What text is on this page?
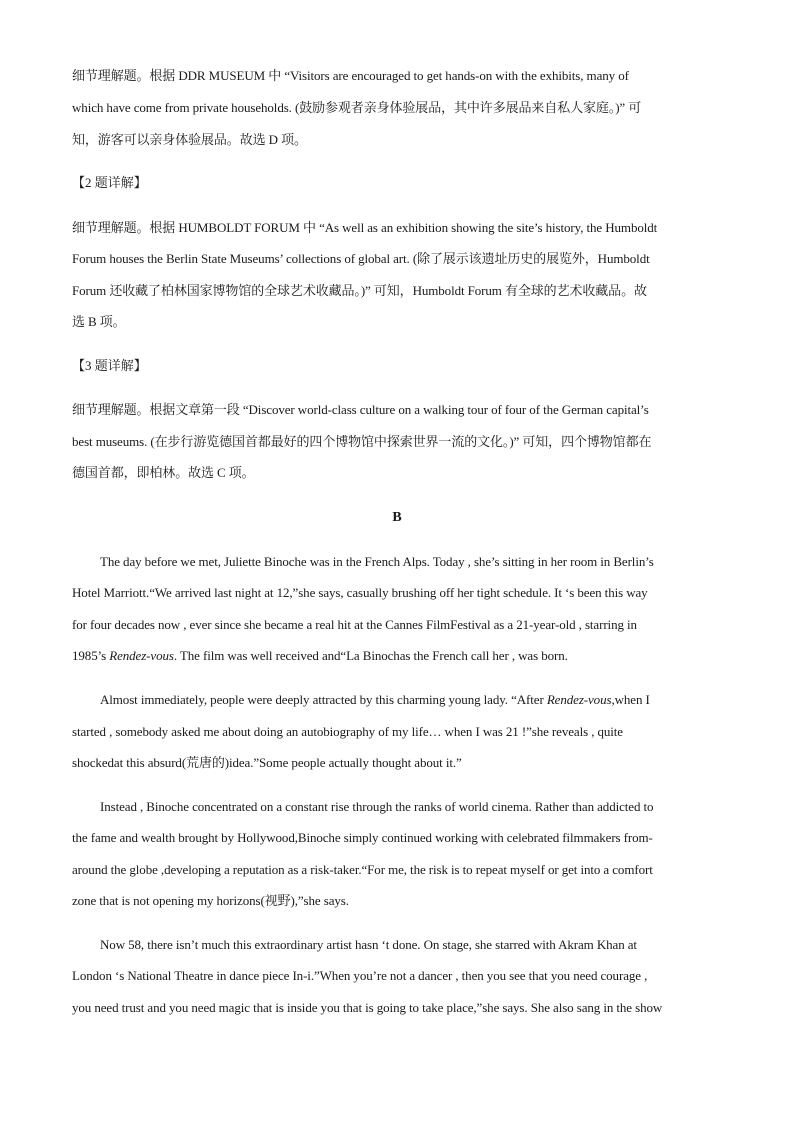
细节理解题。根据 DDR MUSEUM 中 “Visitors are encouraged to get hands-on with the exhibits, many of
which have come from private households. (鼓励参观者亲身体验展品，其中许多展品来自私人家庭。)” 可
知，游客可以亲身体验展品。故选 D 项。
【2 题详解】
细节理解题。根据 HUMBOLDT FORUM 中 “As well as an exhibition showing the site’s history, the Humboldt
Forum houses the Berlin State Museums’ collections of global art. (除了展示该遗址历史的展览外，Humboldt
Forum 还收藏了柏林国家博物馆的全球艺术收藏品。)” 可知，Humboldt Forum 有全球的艺术收藏品。故
选 B 项。
【3 题详解】
细节理解题。根据文章第一段 “Discover world-class culture on a walking tour of four of the German capital’s
best museums. (在步行游览德国首都最好的四个博物馆中探索世界一流的文化。)” 可知，四个博物馆都在
德国首都，即柏林。故选 C 项。
B
The day before we met, Juliette Binoche was in the French Alps. Today , she’s sitting in her room in Berlin’s
Hotel Marriott.“We arrived last night at 12,”she says, casually brushing off her tight schedule. It ‘s been this way
for four decades now , ever since she became a real hit at the Cannes FilmFestival as a 21-year-old , starring in
1985’s Rendez-vous. The film was well received and“La Binochas the French call her , was born.
Almost immediately, people were deeply attracted by this charming young lady. “After Rendez-vous,when I
started , somebody asked me about doing an autobiography of my life… when I was 21 !”she reveals , quite
shockedat this absurd(荒唐的)idea.”Some people actually thought about it.”
Instead , Binoche concentrated on a constant rise through the ranks of world cinema. Rather than addicted to
the fame and wealth brought by Hollywood,Binoche simply continued working with celebrated filmmakers from-
around the globe ,developing a reputation as a risk-taker.“For me, the risk is to repeat myself or get into a comfort
zone that is not opening my horizons(视野),”she says.
Now 58, there isn’t much this extraordinary artist hasn ‘t done. On stage, she starred with Akram Khan at
London ‘s National Theatre in dance piece In-i.”When you’re not a dancer , then you see that you need courage ,
you need trust and you need magic that is inside you that is going to take place,”she says. She also sang in the show
